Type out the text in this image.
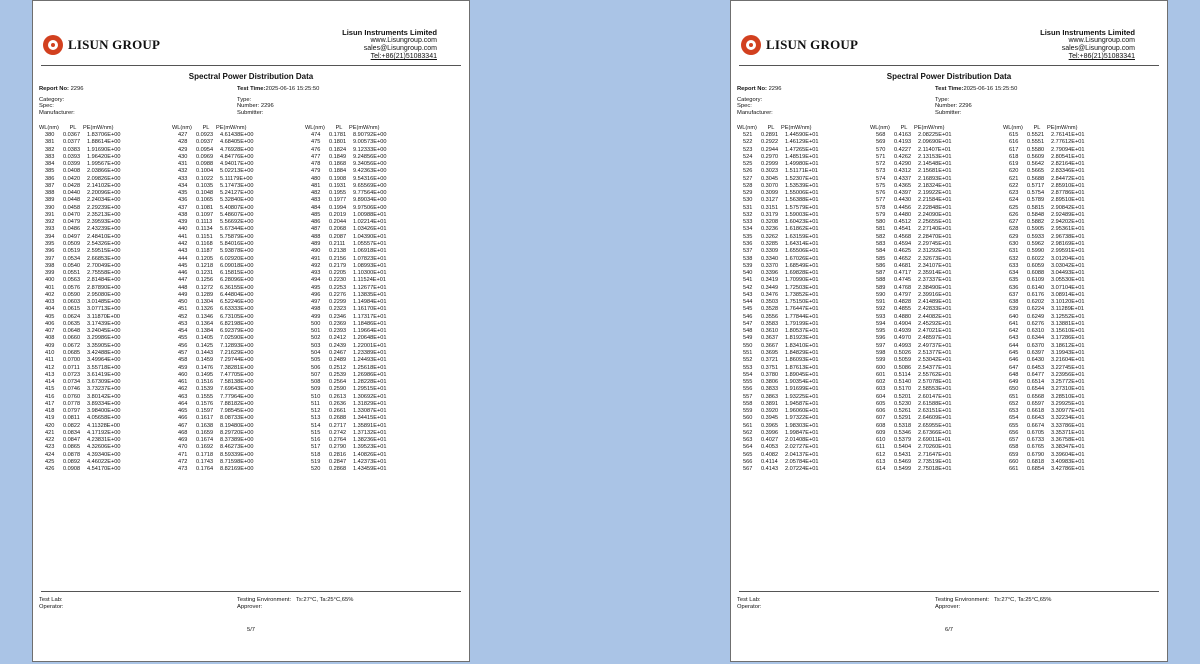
LISUN GROUP
Lisun Instruments Limited
www.Lisungroup.com
sales@Lisungroup.com
Tel:+86(21)51083341
Spectral Power Distribution Data
Report No: 2296
Category:
Spec:
Manufacturer:
Test Time:2025-06-16 15:25:50
Type:
Number: 2296
Submitter:
WL(nm) PL PE(mW/nm)
380 0.0367 1.83706E+00
381 0.0377 1.88614E+00
382 0.0383 1.91690E+00
383 0.0393 1.96420E+00
384 0.0399 1.99567E+00
385 0.0408 2.03866E+00
386 0.0420 2.09826E+00
387 0.0428 2.14102E+00
388 0.0440 2.20096E+00
389 0.0448 2.24034E+00
390 0.0458 2.29239E+00
391 0.0470 2.35213E+00
392 0.0479 2.39593E+00
393 0.0486 2.43239E+00
394 0.0497 2.48410E+00
395 0.0509 2.54326E+00
396 0.0519 2.59515E+00
397 0.0534 2.66853E+00
398 0.0540 2.70049E+00
399 0.0551 2.75558E+00
400 0.0563 2.81484E+00
401 0.0576 2.87890E+00
402 0.0590 2.95080E+00
403 0.0603 3.01485E+00
404 0.0615 3.07713E+00
405 0.0624 3.11870E+00
406 0.0635 3.17439E+00
407 0.0648 3.24045E+00
408 0.0660 3.29986E+00
409 0.0672 3.35905E+00
410 0.0685 3.42488E+00
411 0.0700 3.49964E+00
412 0.0711 3.55718E+00
413 0.0723 3.61419E+00
414 0.0734 3.67309E+00
415 0.0746 3.73237E+00
416 0.0760 3.80142E+00
417 0.0778 3.89334E+00
418 0.0797 3.98400E+00
419 0.0811 4.05658E+00
420 0.0822 4.11328E+00
421 0.0834 4.17192E+00
422 0.0847 4.23831E+00
423 0.0865 4.32606E+00
424 0.0878 4.39340E+00
425 0.0892 4.46022E+00
426 0.0908 4.54170E+00
WL(nm) PL PE(mW/nm)
427 0.0923 4.61438E+00
428 0.0937 4.68405E+00
429 0.0954 4.76928E+00
430 0.0969 4.84776E+00
431 0.0988 4.94017E+00
432 0.1004 5.02213E+00
433 0.1022 5.11179E+00
434 0.1035 5.17473E+00
435 0.1048 5.24127E+00
436 0.1065 5.32840E+00
437 0.1081 5.40807E+00
438 0.1097 5.48607E+00
439 0.1113 5.56692E+00
440 0.1134 5.67344E+00
441 0.1151 5.75879E+00
442 0.1168 5.84016E+00
443 0.1187 5.93878E+00
444 0.1205 6.02920E+00
445 0.1218 6.09018E+00
446 0.1231 6.15815E+00
447 0.1256 6.28096E+00
448 0.1272 6.36155E+00
449 0.1289 6.44804E+00
450 0.1304 6.52246E+00
451 0.1326 6.63333E+00
452 0.1346 6.73105E+00
453 0.1364 6.82198E+00
454 0.1384 6.92379E+00
455 0.1405 7.02590E+00
456 0.1425 7.12893E+00
457 0.1443 7.21629E+00
458 0.1459 7.29744E+00
459 0.1476 7.38281E+00
460 0.1495 7.47705E+00
461 0.1516 7.58138E+00
462 0.1539 7.69643E+00
463 0.1555 7.77964E+00
464 0.1576 7.88182E+00
465 0.1597 7.98545E+00
466 0.1617 8.08733E+00
467 0.1638 8.19480E+00
468 0.1659 8.29720E+00
469 0.1674 8.37389E+00
470 0.1692 8.46273E+00
471 0.1718 8.59339E+00
472 0.1743 8.71598E+00
473 0.1764 8.82169E+00
WL(nm) PL PE(mW/nm)
474 0.1781 8.90792E+00
475 0.1801 9.00573E+00
476 0.1824 9.12333E+00
477 0.1849 9.24856E+00
478 0.1868 9.34056E+00
479 0.1884 9.42363E+00
480 0.1908 9.54316E+00
481 0.1931 9.65569E+00
482 0.1955 9.77564E+00
483 0.1977 9.89034E+00
484 0.1994 9.97506E+00
485 0.2019 1.00988E+01
486 0.2044 1.02214E+01
487 0.2068 1.03426E+01
488 0.2087 1.04390E+01
489 0.2111 1.05557E+01
490 0.2138 1.06918E+01
491 0.2156 1.07823E+01
492 0.2179 1.08993E+01
493 0.2205 1.10300E+01
494 0.2230 1.11524E+01
495 0.2253 1.12677E+01
496 0.2276 1.13835E+01
497 0.2299 1.14984E+01
498 0.2323 1.16170E+01
499 0.2346 1.17317E+01
500 0.2369 1.18486E+01
501 0.2393 1.19664E+01
502 0.2412 1.20648E+01
503 0.2439 1.22001E+01
504 0.2467 1.23389E+01
505 0.2489 1.24493E+01
506 0.2512 1.25618E+01
507 0.2539 1.26986E+01
508 0.2564 1.28228E+01
509 0.2590 1.29515E+01
510 0.2613 1.30692E+01
511 0.2636 1.31829E+01
512 0.2661 1.33087E+01
513 0.2688 1.34415E+01
514 0.2717 1.35891E+01
515 0.2742 1.37132E+01
516 0.2764 1.38236E+01
517 0.2790 1.39523E+01
518 0.2816 1.40826E+01
519 0.2847 1.42373E+01
520 0.2868 1.43459E+01
Test Lab:
Operator:
Testing Environment: Ts:27°C, Ta:25°C,65%
Approver:
5/7
LISUN GROUP
Lisun Instruments Limited
www.Lisungroup.com
sales@Lisungroup.com
Tel:+86(21)51083341
Spectral Power Distribution Data
Report No: 2296
Category:
Spec:
Manufacturer:
Test Time:2025-06-16 15:25:50
Type:
Number: 2296
Submitter:
WL(nm) PL PE(mW/nm)
521 0.2891 1.44590E+01
522 0.2922 1.46129E+01
523 0.2944 1.47265E+01
524 0.2970 1.48519E+01
525 0.2999 1.49980E+01
526 0.3023 1.51171E+01
527 0.3045 1.52307E+01
528 0.3070 1.53539E+01
529 0.3099 1.55006E+01
530 0.3127 1.56388E+01
531 0.3151 1.57579E+01
532 0.3179 1.59003E+01
533 0.3208 1.60423E+01
534 0.3236 1.61862E+01
535 0.3262 1.63159E+01
536 0.3285 1.64314E+01
537 0.3309 1.65506E+01
538 0.3340 1.67026E+01
539 0.3370 1.68549E+01
540 0.3396 1.69828E+01
541 0.3419 1.70990E+01
542 0.3449 1.72503E+01
543 0.3476 1.73852E+01
544 0.3503 1.75150E+01
545 0.3528 1.76447E+01
546 0.3556 1.77844E+01
547 0.3583 1.79199E+01
548 0.3610 1.80537E+01
549 0.3637 1.81923E+01
550 0.3667 1.83410E+01
551 0.3695 1.84829E+01
552 0.3721 1.86093E+01
553 0.3751 1.87613E+01
554 0.3780 1.89045E+01
555 0.3806 1.90354E+01
556 0.3833 1.91699E+01
557 0.3863 1.93225E+01
558 0.3891 1.94587E+01
559 0.3920 1.96060E+01
560 0.3945 1.97322E+01
561 0.3965 1.98303E+01
562 0.3996 1.99847E+01
563 0.4027 2.01408E+01
564 0.4053 2.02727E+01
565 0.4082 2.04137E+01
566 0.4114 2.05784E+01
567 0.4143 2.07224E+01
WL(nm) PL PE(mW/nm)
568 0.4163 2.08225E+01
569 0.4193 2.09690E+01
570 0.4227 2.11407E+01
571 0.4262 2.13153E+01
572 0.4290 2.14548E+01
573 0.4312 2.15681E+01
574 0.4337 2.16893E+01
575 0.4365 2.18324E+01
576 0.4397 2.19922E+01
577 0.4430 2.21584E+01
578 0.4456 2.22848E+01
579 0.4480 2.24090E+01
580 0.4512 2.25655E+01
581 0.4541 2.27140E+01
582 0.4568 2.28470E+01
583 0.4594 2.29745E+01
584 0.4625 2.31292E+01
585 0.4652 2.32673E+01
586 0.4681 2.34107E+01
587 0.4717 2.35914E+01
588 0.4745 2.37337E+01
589 0.4768 2.38490E+01
590 0.4797 2.39916E+01
591 0.4828 2.41489E+01
592 0.4855 2.42833E+01
593 0.4880 2.44082E+01
594 0.4904 2.45292E+01
595 0.4939 2.47021E+01
596 0.4970 2.48597E+01
597 0.4993 2.49737E+01
598 0.5026 2.51377E+01
599 0.5059 2.53042E+01
600 0.5086 2.54377E+01
601 0.5114 2.55762E+01
602 0.5140 2.57078E+01
603 0.5170 2.58553E+01
604 0.5201 2.60147E+01
605 0.5230 2.61588E+01
606 0.5261 2.63151E+01
607 0.5291 2.64609E+01
608 0.5318 2.65955E+01
609 0.5346 2.67366E+01
610 0.5379 2.69011E+01
611 0.5404 2.70260E+01
612 0.5431 2.71647E+01
613 0.5469 2.73519E+01
614 0.5499 2.75018E+01
WL(nm) PL PE(mW/nm)
615 0.5521 2.76141E+01
616 0.5551 2.77612E+01
617 0.5580 2.79094E+01
618 0.5609 2.80541E+01
619 0.5642 2.82164E+01
620 0.5665 2.83346E+01
621 0.5688 2.84472E+01
622 0.5717 2.85910E+01
623 0.5754 2.87786E+01
624 0.5789 2.89510E+01
625 0.5815 2.90842E+01
626 0.5848 2.92489E+01
627 0.5882 2.94202E+01
628 0.5905 2.95361E+01
629 0.5933 2.96738E+01
630 0.5962 2.98169E+01
631 0.5990 2.99591E+01
632 0.6022 3.01204E+01
633 0.6059 3.03042E+01
634 0.6088 3.04493E+01
635 0.6109 3.05530E+01
636 0.6140 3.07104E+01
637 0.6176 3.08914E+01
638 0.6202 3.10120E+01
639 0.6224 3.11289E+01
640 0.6249 3.12552E+01
641 0.6276 3.13881E+01
642 0.6310 3.15610E+01
643 0.6344 3.17286E+01
644 0.6370 3.18612E+01
645 0.6397 3.19943E+01
646 0.6430 3.21604E+01
647 0.6453 3.22745E+01
648 0.6477 3.23956E+01
649 0.6514 3.25772E+01
650 0.6544 3.27310E+01
651 0.6568 3.28510E+01
652 0.6597 3.29925E+01
653 0.6618 3.30977E+01
654 0.6643 3.32234E+01
655 0.6674 3.33786E+01
656 0.6705 3.35371E+01
657 0.6733 3.36758E+01
658 0.6765 3.38347E+01
659 0.6790 3.39604E+01
660 0.6818 3.40983E+01
661 0.6854 3.42786E+01
Test Lab:
Operator:
Testing Environment: Ts:27°C, Ta:25°C,65%
Approver:
6/7
